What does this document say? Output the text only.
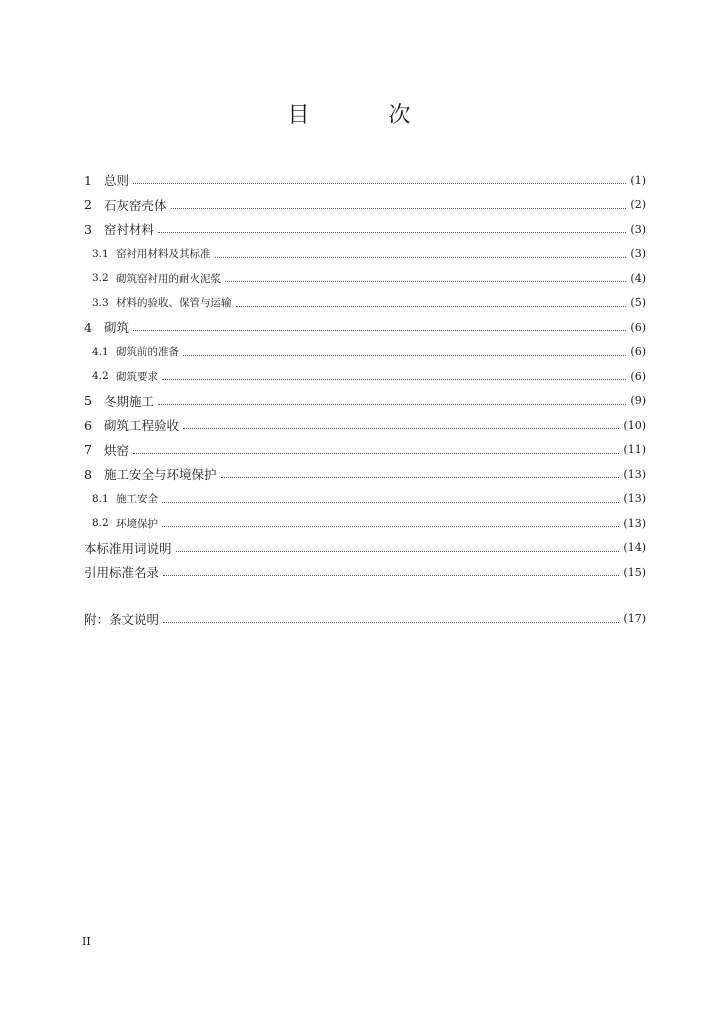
目 次
1 总则	(1)
2 石灰窑壳体	(2)
3 窑衬材料	(3)
3.1 窑衬用材料及其标准	(3)
3.2 砌筑窑衬用的耐火泥浆	(4)
3.3 材料的验收、保管与运输	(5)
4 砌筑	(6)
4.1 砌筑前的准备	(6)
4.2 砌筑要求	(6)
5 冬期施工	(9)
6 砌筑工程验收	(10)
7 烘窑	(11)
8 施工安全与环境保护	(13)
8.1 施工安全	(13)
8.2 环境保护	(13)
本标准用词说明	(14)
引用标准名录	(15)
附：条文说明	(17)
II
